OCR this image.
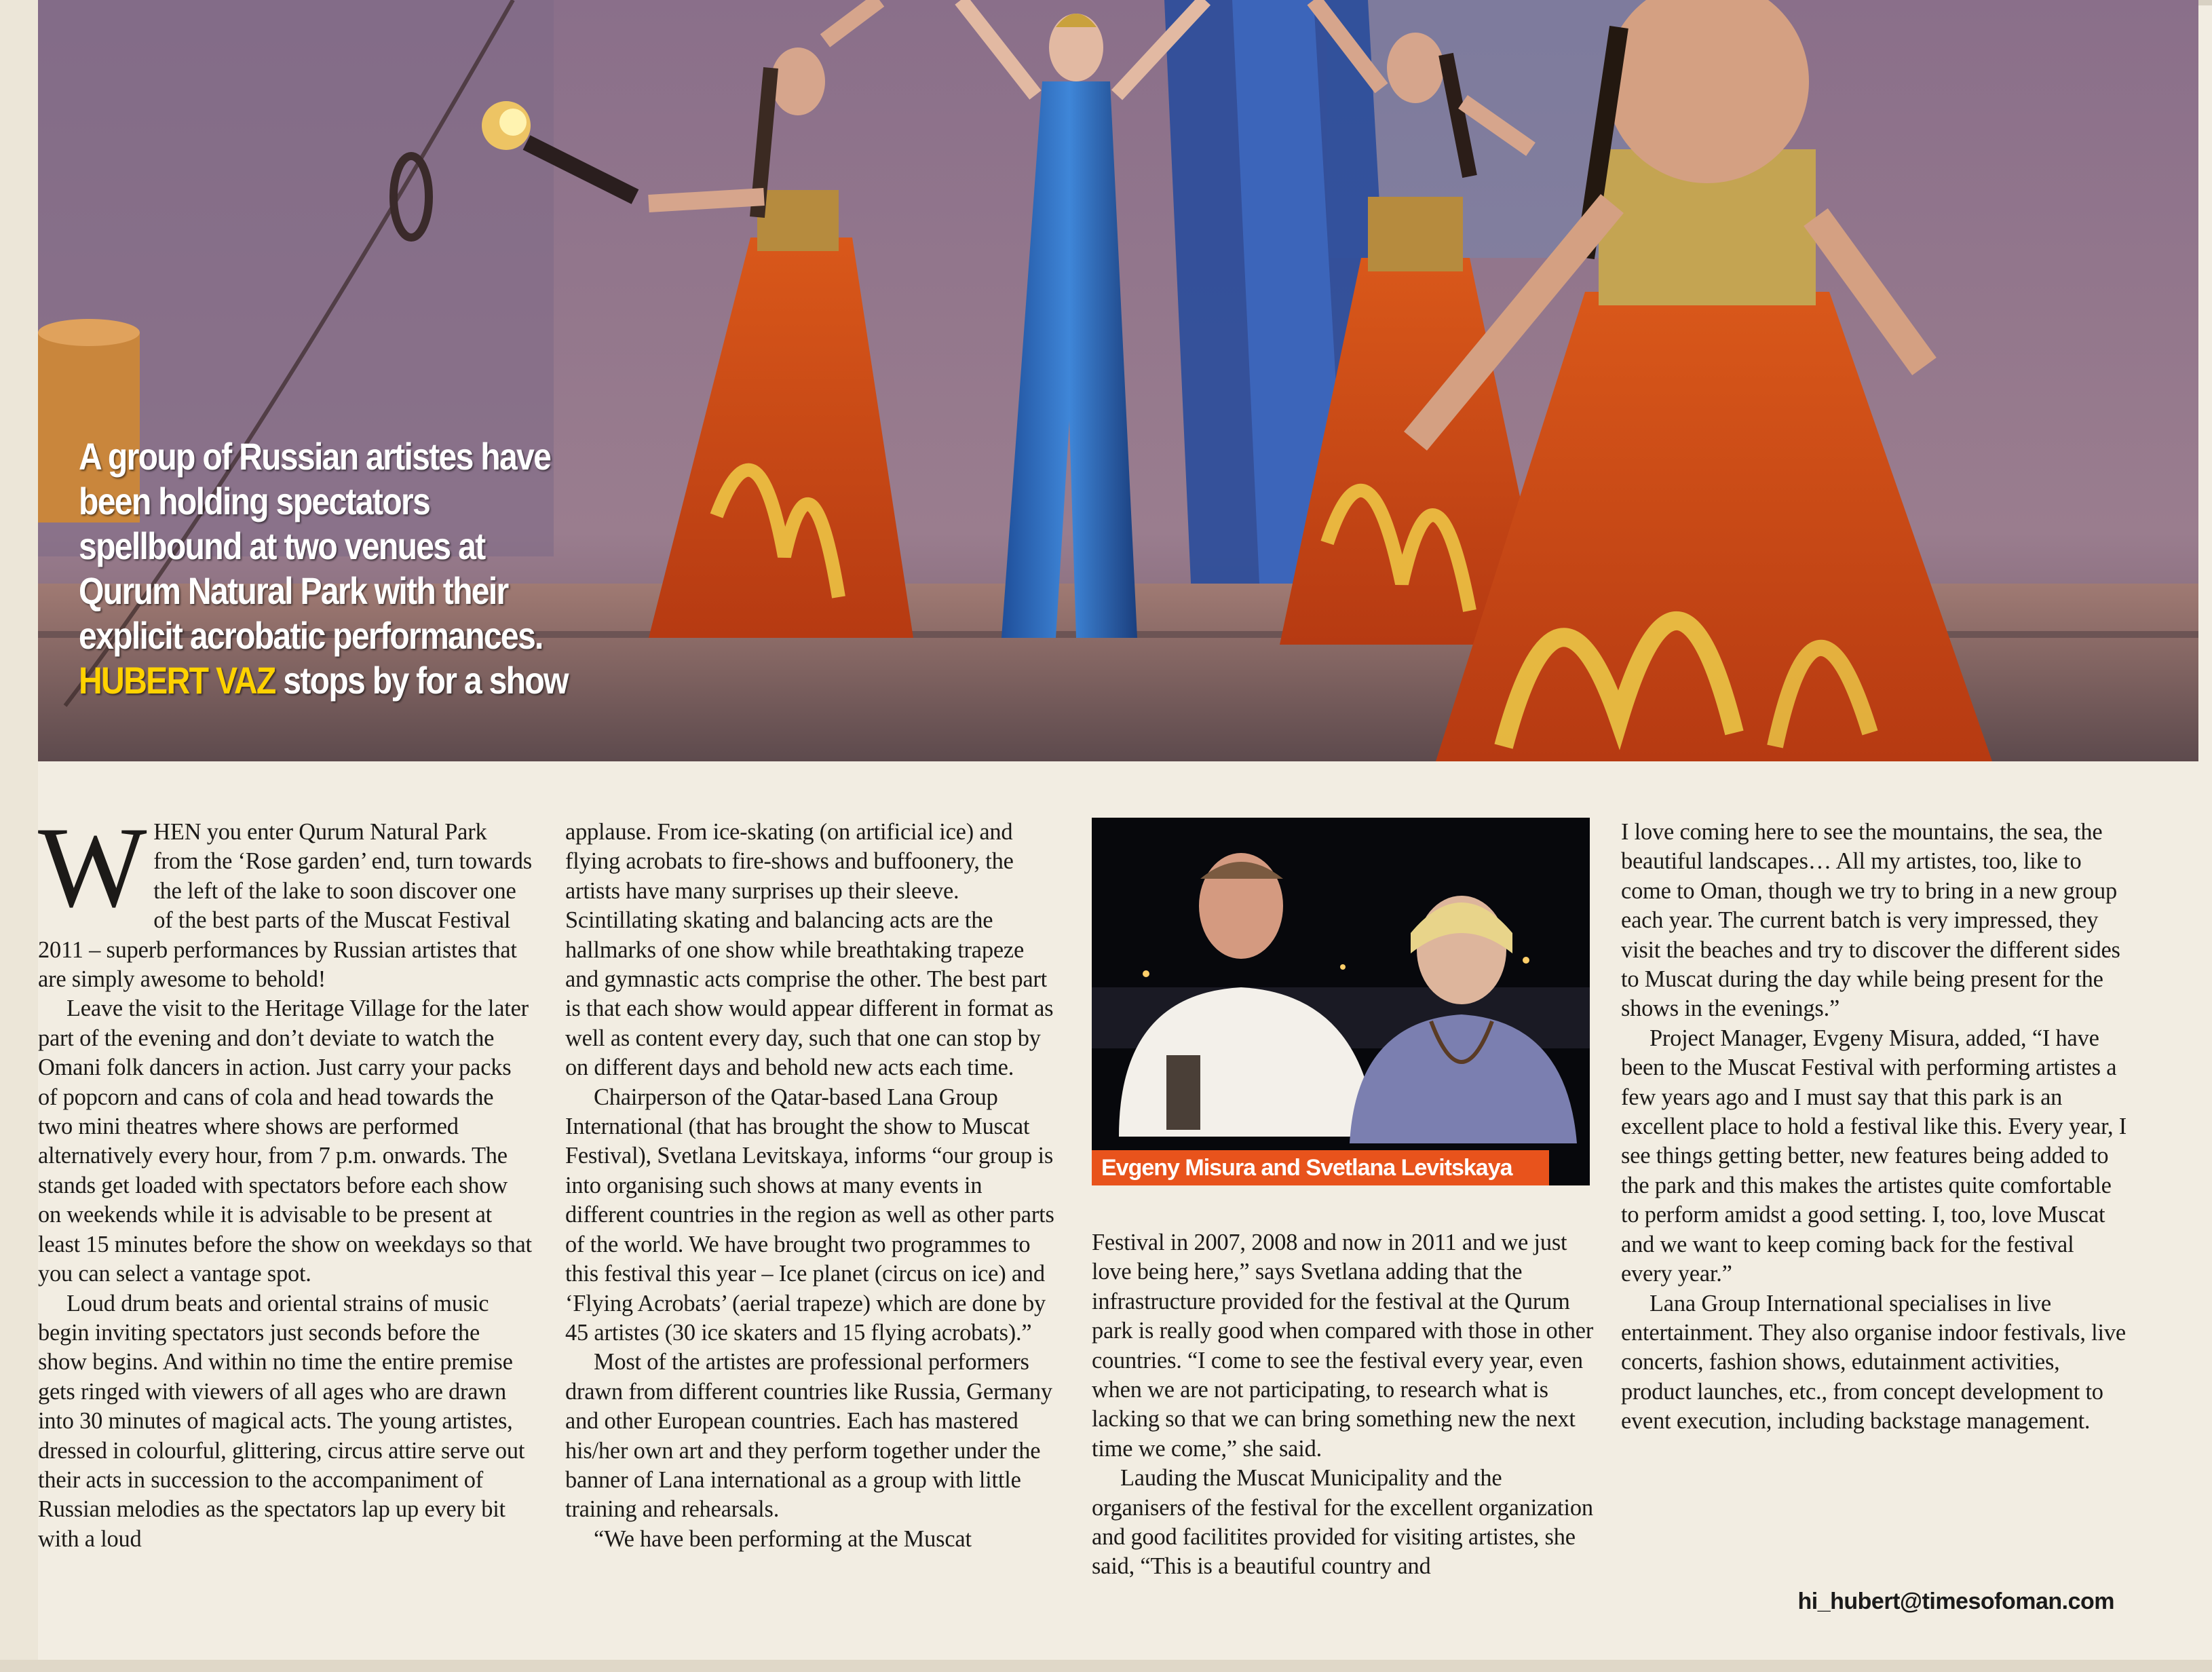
A group of Russian artistes have been holding spectators spellbound at two venues at Qurum Natural Park with their explicit acrobatic performances. HUBERT VAZ stops by for a show

WHEN you enter Qurum Natural Park from the ‘Rose garden’ end, turn towards the left of the lake to soon discover one of the best parts of the Muscat Festival 2011 – superb performances by Russian artistes that are simply awesome to behold!

Leave the visit to the Heritage Village for the later part of the evening and don’t deviate to watch the Omani folk dancers in action. Just carry your packs of popcorn and cans of cola and head towards the two mini theatres where shows are performed alternatively every hour, from 7 p.m. onwards. The stands get loaded with spectators before each show on weekends while it is advisable to be present at least 15 minutes before the show on weekdays so that you can select a vantage spot.

Loud drum beats and oriental strains of music begin inviting spectators just seconds before the show begins. And within no time the entire premise gets ringed with viewers of all ages who are drawn into 30 minutes of magical acts. The young artistes, dressed in colourful, glittering, circus attire serve out their acts in succession to the accompaniment of Russian melodies as the spectators lap up every bit with a loud

applause. From ice-skating (on artificial ice) and flying acrobats to fire-shows and buffoonery, the artists have many surprises up their sleeve. Scintillating skating and balancing acts are the hallmarks of one show while breathtaking trapeze and gymnastic acts comprise the other. The best part is that each show would appear different in format as well as content every day, such that one can stop by on different days and behold new acts each time.

Chairperson of the Qatar-based Lana Group International (that has brought the show to Muscat Festival), Svetlana Levitskaya, informs “our group is into organising such shows at many events in different countries in the region as well as other parts of the world. We have brought two programmes to this festival this year – Ice planet (circus on ice) and ‘Flying Acrobats’ (aerial trapeze) which are done by 45 artistes (30 ice skaters and 15 flying acrobats).”

Most of the artistes are professional performers drawn from different countries like Russia, Germany and other European countries. Each has mastered his/her own art and they perform together under the banner of Lana international as a group with little training and rehearsals.

“We have been performing at the Muscat

Evgeny Misura and Svetlana Levitskaya

Festival in 2007, 2008 and now in 2011 and we just love being here,” says Svetlana adding that the infrastructure provided for the festival at the Qurum park is really good when compared with those in other countries. “I come to see the festival every year, even when we are not participating, to research what is lacking so that we can bring something new the next time we come,” she said.

Lauding the Muscat Municipality and the organisers of the festival for the excellent organization and good facilitites provided for visiting artistes, she said, “This is a beautiful country and

I love coming here to see the mountains, the sea, the beautiful landscapes… All my artistes, too, like to come to Oman, though we try to bring in a new group each year. The current batch is very impressed, they visit the beaches and try to discover the different sides to Muscat during the day while being present for the shows in the evenings.”

Project Manager, Evgeny Misura, added, “I have been to the Muscat Festival with performing artistes a few years ago and I must say that this park is an excellent place to hold a festival like this. Every year, I see things getting better, new features being added to the park and this makes the artistes quite comfortable to perform amidst a good setting. I, too, love Muscat and we want to keep coming back for the festival every year.”

Lana Group International specialises in live entertainment. They also organise indoor festivals, live concerts, fashion shows, edutainment activities, product launches, etc., from concept development to event execution, including backstage management.

hi_hubert@timesofoman.com
